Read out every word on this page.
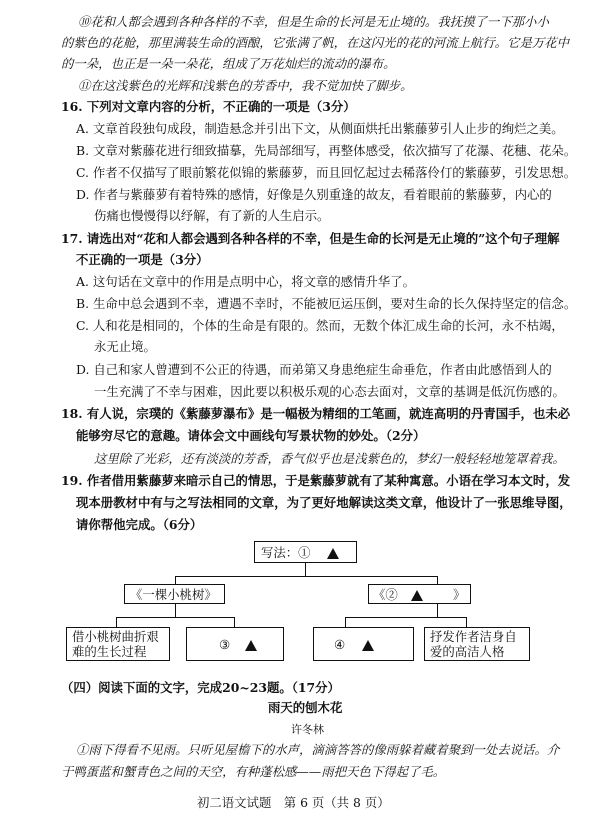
⑩花和人都会遇到各种各样的不幸，但是生命的长河是无止境的。我抚摸了一下那小小
的紫色的花舱，那里满装生命的酒酿，它张满了帆，在这闪光的花的河流上航行。它是万花中
的一朵，也正是一朵一朵花，组成了万花灿烂的流动的瀑布。
⑪在这浅紫色的光辉和浅紫色的芳香中，我不觉加快了脚步。
16. 下列对文章内容的分析，不正确的一项是（3分）
A. 文章首段独句成段，制造悬念并引出下文，从侧面烘托出紫藤萝引人止步的绚烂之美。
B. 文章对紫藤花进行细致描摹，先局部细写，再整体感受，依次描写了花瀑、花穗、花朵。
C. 作者不仅描写了眼前繁花似锦的紫藤萝，而且回忆起过去稀落伶仃的紫藤萝，引发思想。
D. 作者与紫藤萝有着特殊的感情，好像是久别重逢的故友，看着眼前的紫藤萝，内心的
伤痛也慢慢得以纾解，有了新的人生启示。
17. 请选出对“花和人都会遇到各种各样的不幸，但是生命的长河是无止境的”这个句子理解
不正确的一项是（3分）
A. 这句话在文章中的作用是点明中心，将文章的感情升华了。
B. 生命中总会遇到不幸，遭遇不幸时，不能被厄运压倒，要对生命的长久保持坚定的信念。
C. 人和花是相同的，个体的生命是有限的。然而，无数个体汇成生命的长河，永不枯竭，
永无止境。
D. 自己和家人曾遭到不公正的待遇，而弟第又身患绝症生命垂危，作者由此感悟到人的
一生充满了不幸与困难，因此要以积极乐观的心态去面对，文章的基调是低沉伤感的。
18. 有人说，宗璞的《紫藤萝瀑布》是一幅极为精细的工笔画，就连高明的丹青国手，也未必
能够穷尽它的意趣。请体会文中画线句写景状物的妙处。（2分）
这里除了光彩，还有淡淡的芳香，香气似乎也是浅紫色的，梦幻一般轻轻地笼罩着我。
19. 作者借用紫藤萝来暗示自己的情思，于是紫藤萝就有了某种寓意。小语在学习本文时，发
现本册教材中有与之写法相同的文章，为了更好地解读这类文章，他设计了一张思维导图，
请你帮他完成。（6分）
写法：①
《一棵小桃树》	《②	》
借小桃树曲折艰
难的生长过程	③	④
抒发作者洁身自
爱的高洁人格
（四）阅读下面的文字，完成20~23题。（17分）
雨天的刨木花
许冬林
①雨下得看不见雨。只听见屋檐下的水声，滴滴答答的像雨躲着藏着聚到一处去说话。介
于鸭蛋蓝和蟹青色之间的天空，有种蓬松感——雨把天色下得起了毛。
初二语文试题　第 6 页（共 8 页）
